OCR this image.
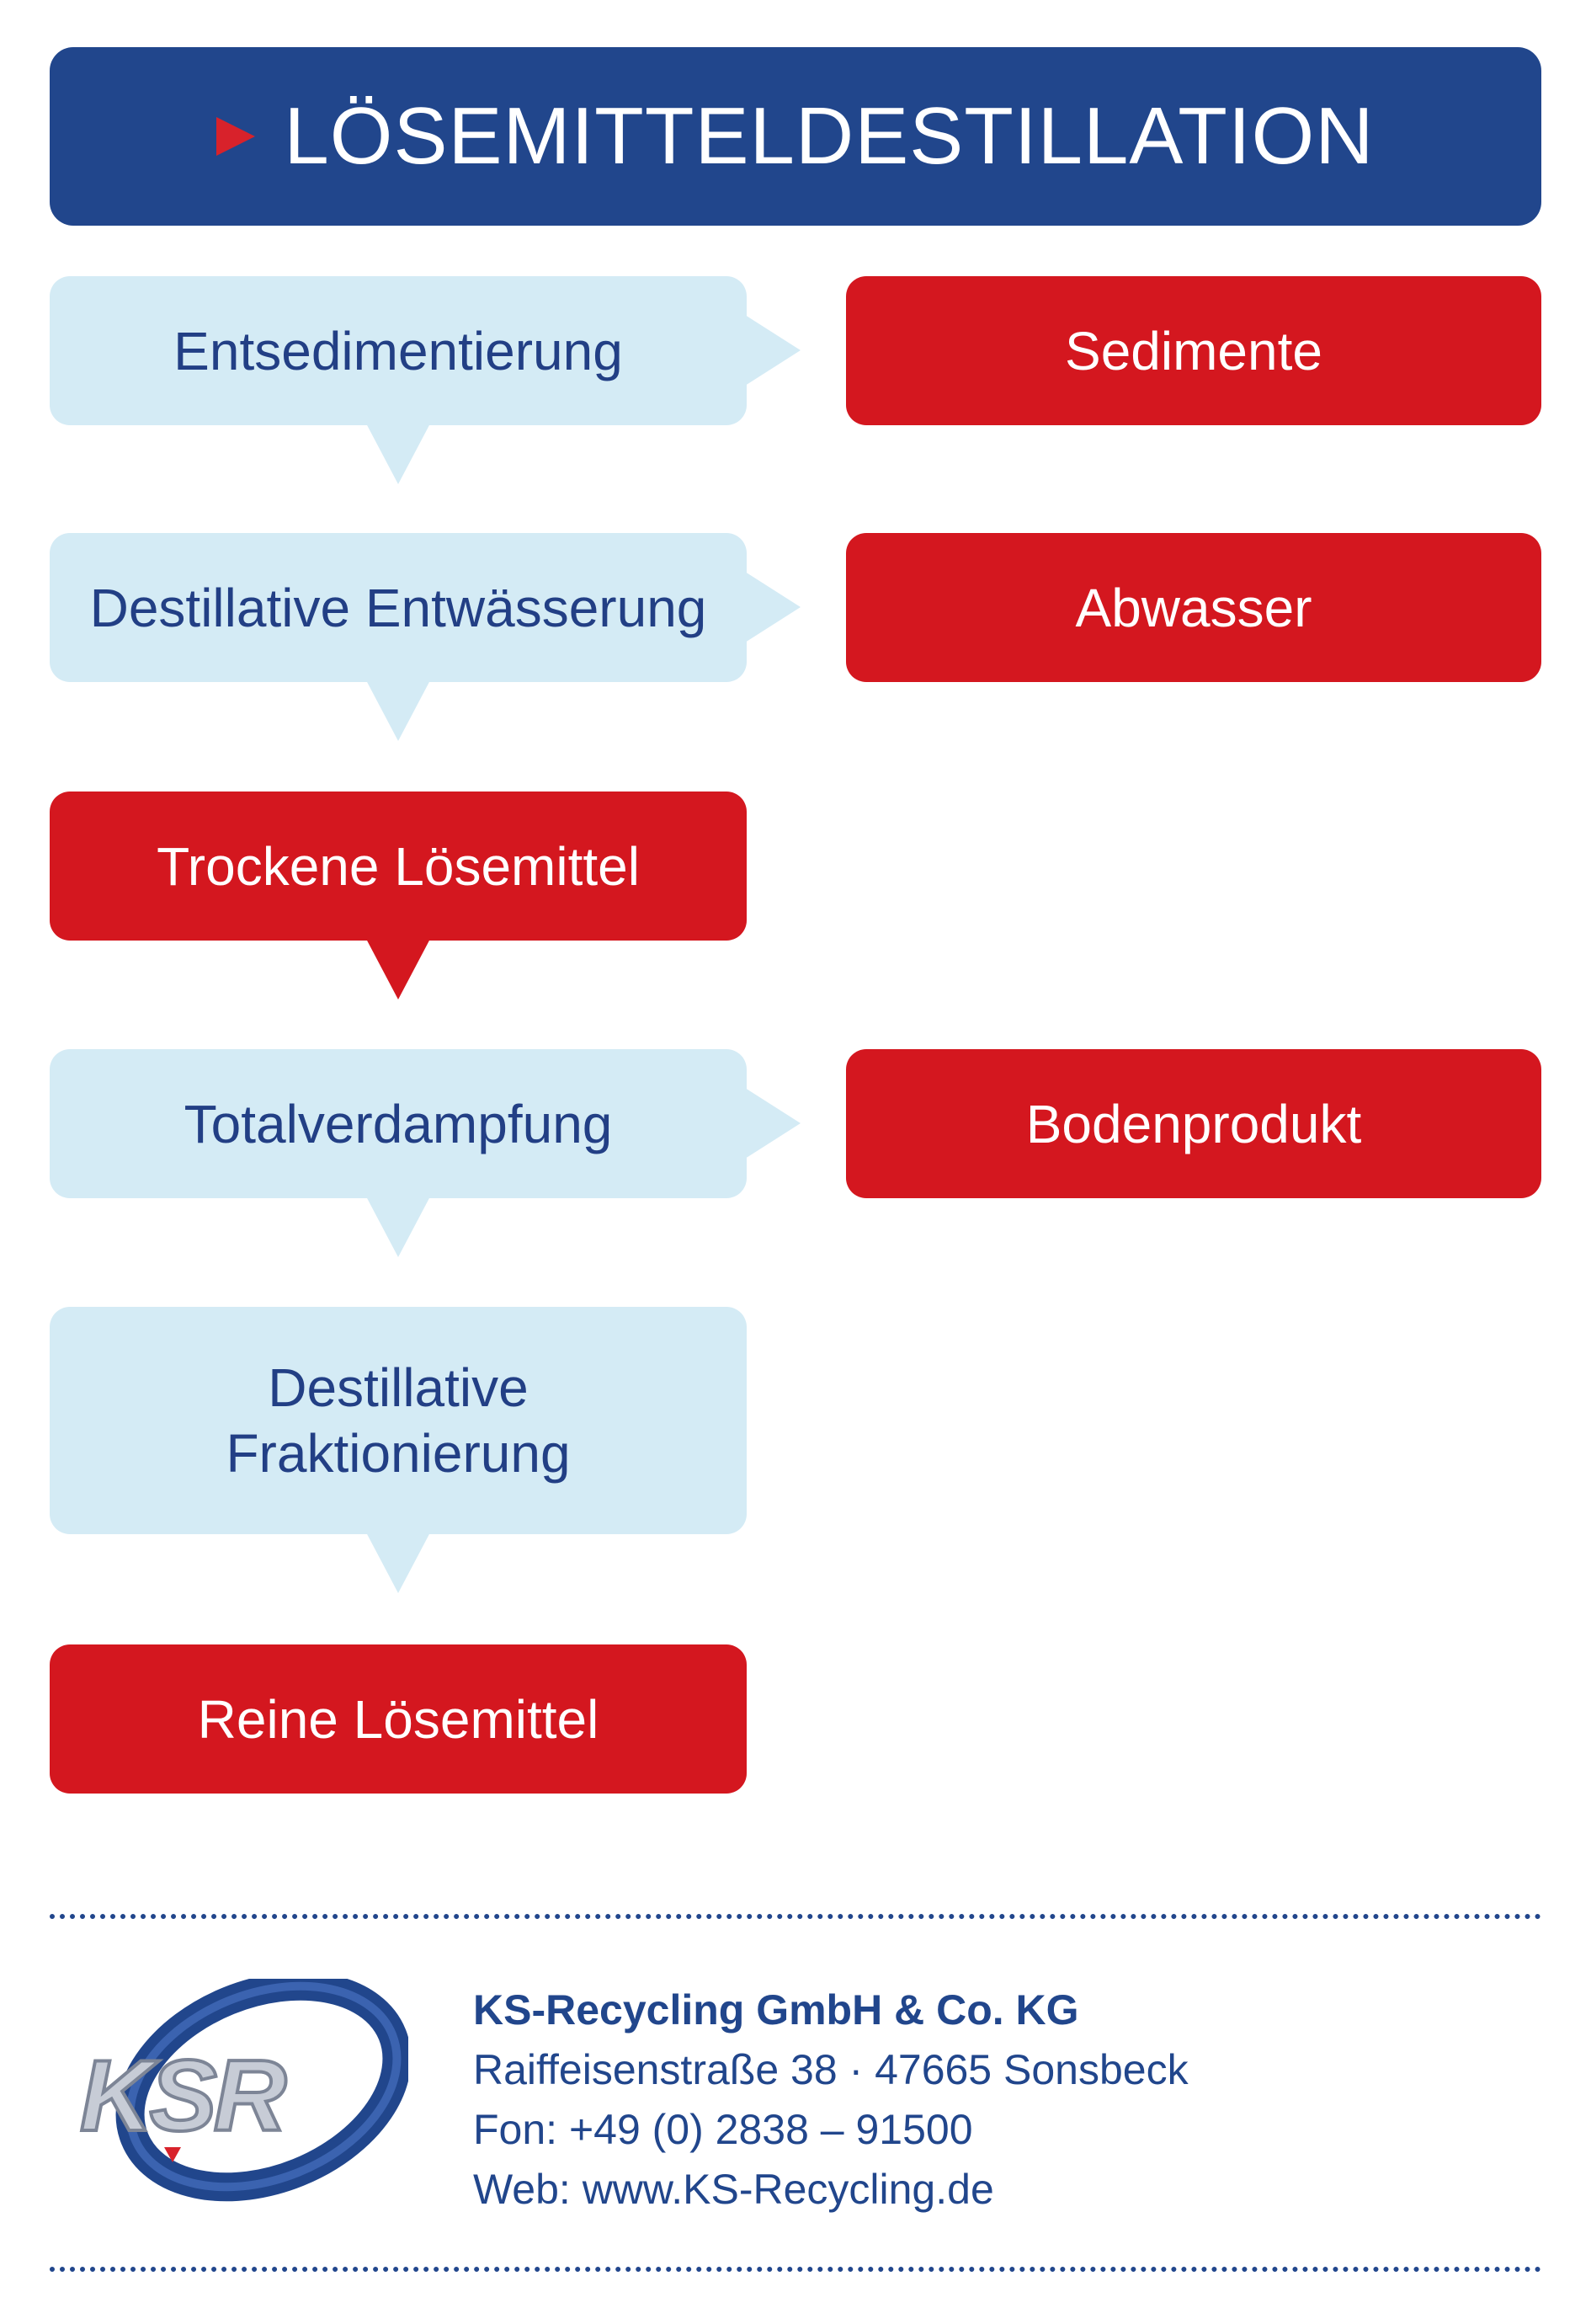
LÖSEMITTELDESTILLATION
Entsedimentierung	Sedimente
Destillative Entwässerung	Abwasser
Trockene Lösemittel
Totalverdampfung	Bodenprodukt
Destillative Fraktionierung
Reine Lösemittel
KSR
KS-Recycling GmbH & Co. KG
Raiffeisenstraße 38 · 47665 Sonsbeck
Fon: +49 (0) 2838 – 91500
Web: www.KS-Recycling.de
